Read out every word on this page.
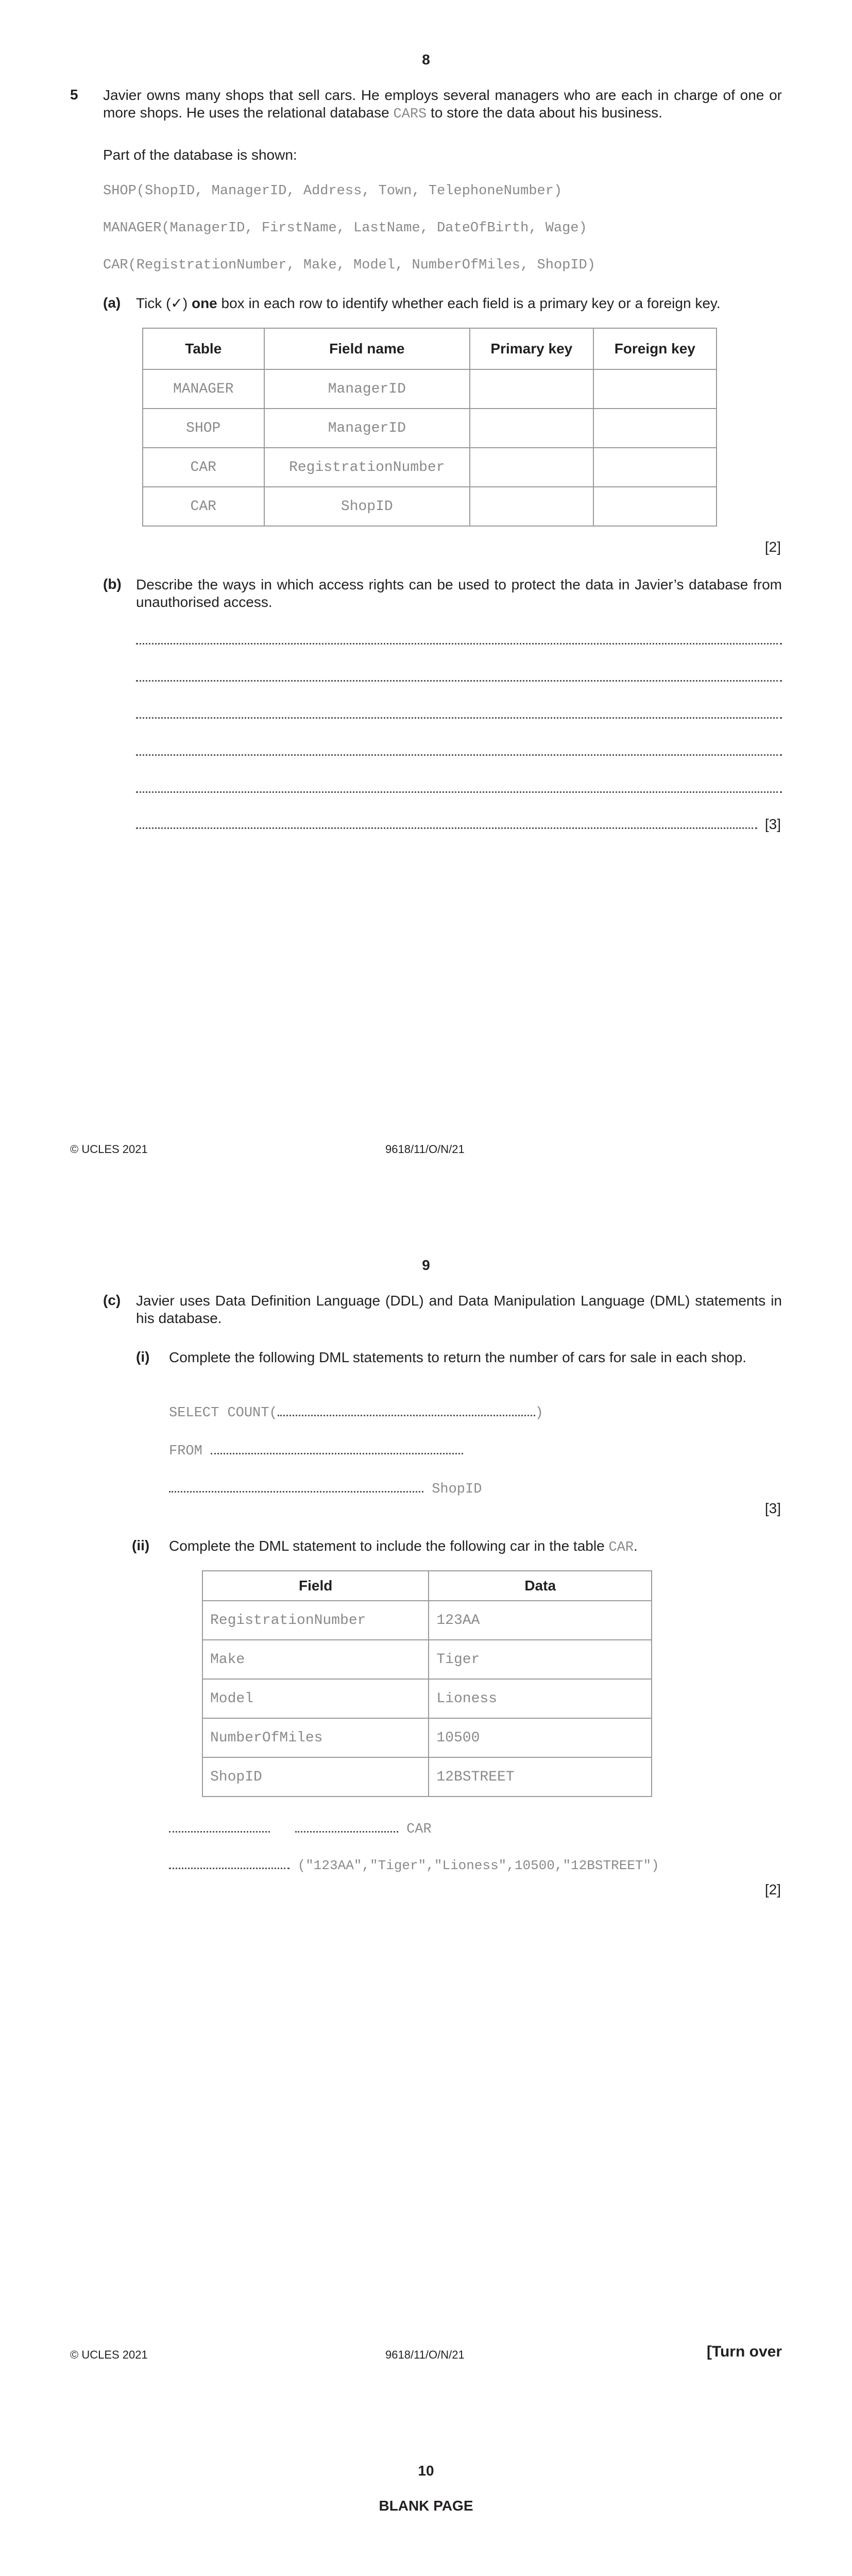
8
5 Javier owns many shops that sell cars. He employs several managers who are each in charge of one or more shops. He uses the relational database CARS to store the data about his business.
Part of the database is shown:
SHOP(ShopID, ManagerID, Address, Town, TelephoneNumber)
MANAGER(ManagerID, FirstName, LastName, DateOfBirth, Wage)
CAR(RegistrationNumber, Make, Model, NumberOfMiles, ShopID)
(a) Tick (✓) one box in each row to identify whether each field is a primary key or a foreign key.
Table	Field name	Primary key	Foreign key
MANAGER	ManagerID		
SHOP	ManagerID		
CAR	RegistrationNumber		
CAR	ShopID		
[2]
(b) Describe the ways in which access rights can be used to protect the data in Javier’s database from unauthorised access.
[3]
© UCLES 2021	9618/11/O/N/21
9
(c) Javier uses Data Definition Language (DDL) and Data Manipulation Language (DML) statements in his database.
(i) Complete the following DML statements to return the number of cars for sale in each shop.
SELECT COUNT(	)
FROM
ShopID
[3]
(ii) Complete the DML statement to include the following car in the table CAR.
Field	Data
RegistrationNumber	123AA
Make	Tiger
Model	Lioness
NumberOfMiles	10500
ShopID	12BSTREET
CAR
("123AA","Tiger","Lioness",10500,"12BSTREET")
[2]
© UCLES 2021	9618/11/O/N/21	[Turn over
10
BLANK PAGE
